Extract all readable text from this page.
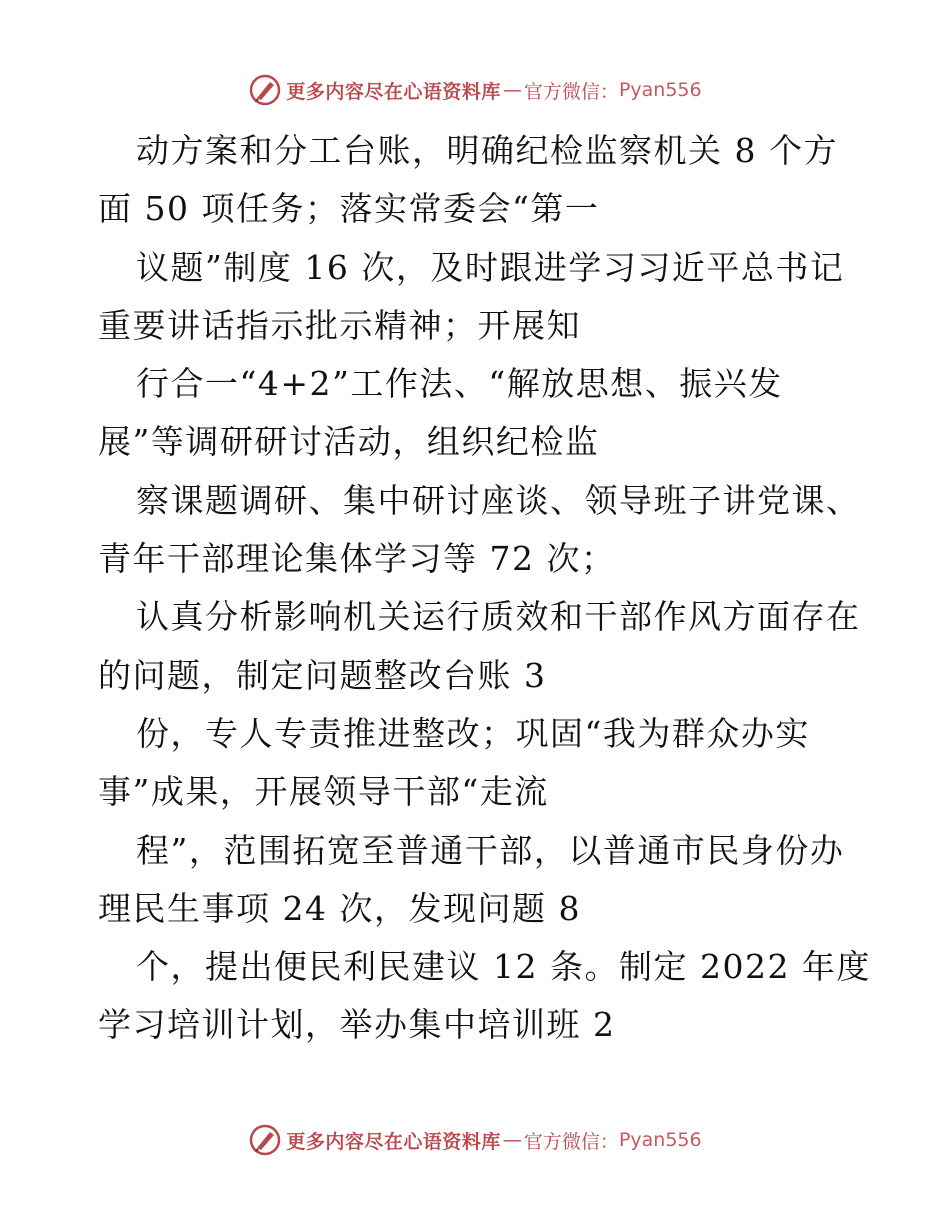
更多内容尽在心语资料库 — 官方微信： Pyan556
动方案和分工台账，明确纪检监察机关 8 个方
面 50 项任务；落实常委会“第一
议题”制度 16 次，及时跟进学习习近平总书记
重要讲话指示批示精神；开展知
行合一“4+2”工作法、“解放思想、振兴发
展”等调研研讨活动，组织纪检监
察课题调研、集中研讨座谈、领导班子讲党课、
青年干部理论集体学习等 72 次；
认真分析影响机关运行质效和干部作风方面存在
的问题，制定问题整改台账 3
份，专人专责推进整改；巩固“我为群众办实
事”成果，开展领导干部“走流
程”，范围拓宽至普通干部，以普通市民身份办
理民生事项 24 次，发现问题 8
个，提出便民利民建议 12 条。制定 2022 年度
学习培训计划，举办集中培训班 2
更多内容尽在心语资料库 — 官方微信： Pyan556
